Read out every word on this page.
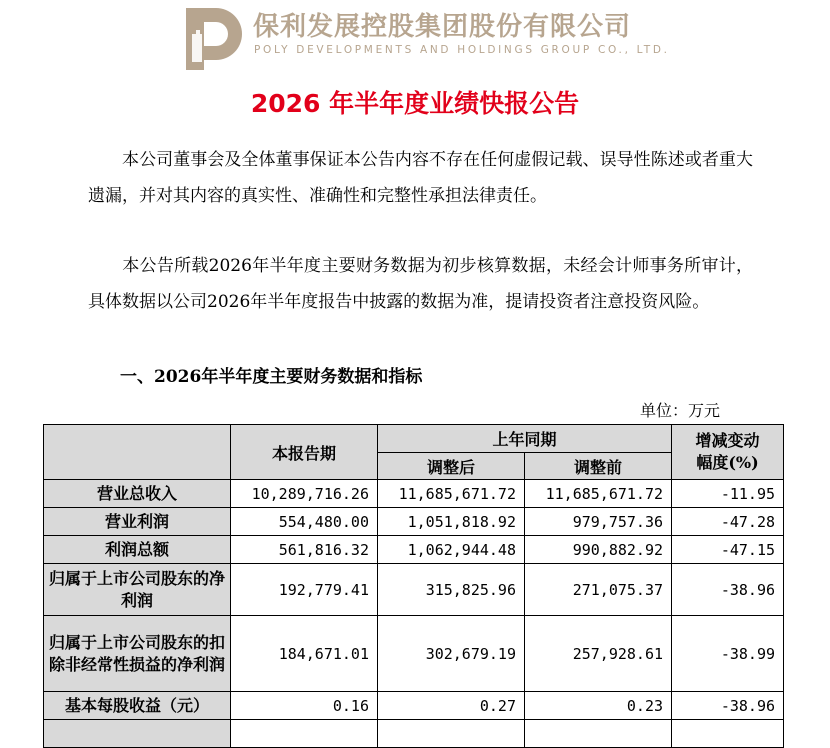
保利发展控股集团股份有限公司
POLY DEVELOPMENTS AND HOLDINGS GROUP CO., LTD.
2026 年半年度业绩快报公告
本公司董事会及全体董事保证本公告内容不存在任何虚假记载、误导性陈述或者重大遗漏，并对其内容的真实性、准确性和完整性承担法律责任。
本公告所载2026年半年度主要财务数据为初步核算数据，未经会计师事务所审计，具体数据以公司2026年半年度报告中披露的数据为准，提请投资者注意投资风险。
一、2026年半年度主要财务数据和指标
单位：万元
	本报告期	上年同期		增减变动
幅度(%)
		调整后	调整前	
营业总收入	10,289,716.26	11,685,671.72	11,685,671.72	-11.95
营业利润	554,480.00	1,051,818.92	979,757.36	-47.28
利润总额	561,816.32	1,062,944.48	990,882.92	-47.15
归属于上市公司股东的净利润	192,779.41	315,825.96	271,075.37	-38.96
归属于上市公司股东的扣除非经常性损益的净利润	184,671.01	302,679.19	257,928.61	-38.99
基本每股收益（元）	0.16	0.27	0.23	-38.96
